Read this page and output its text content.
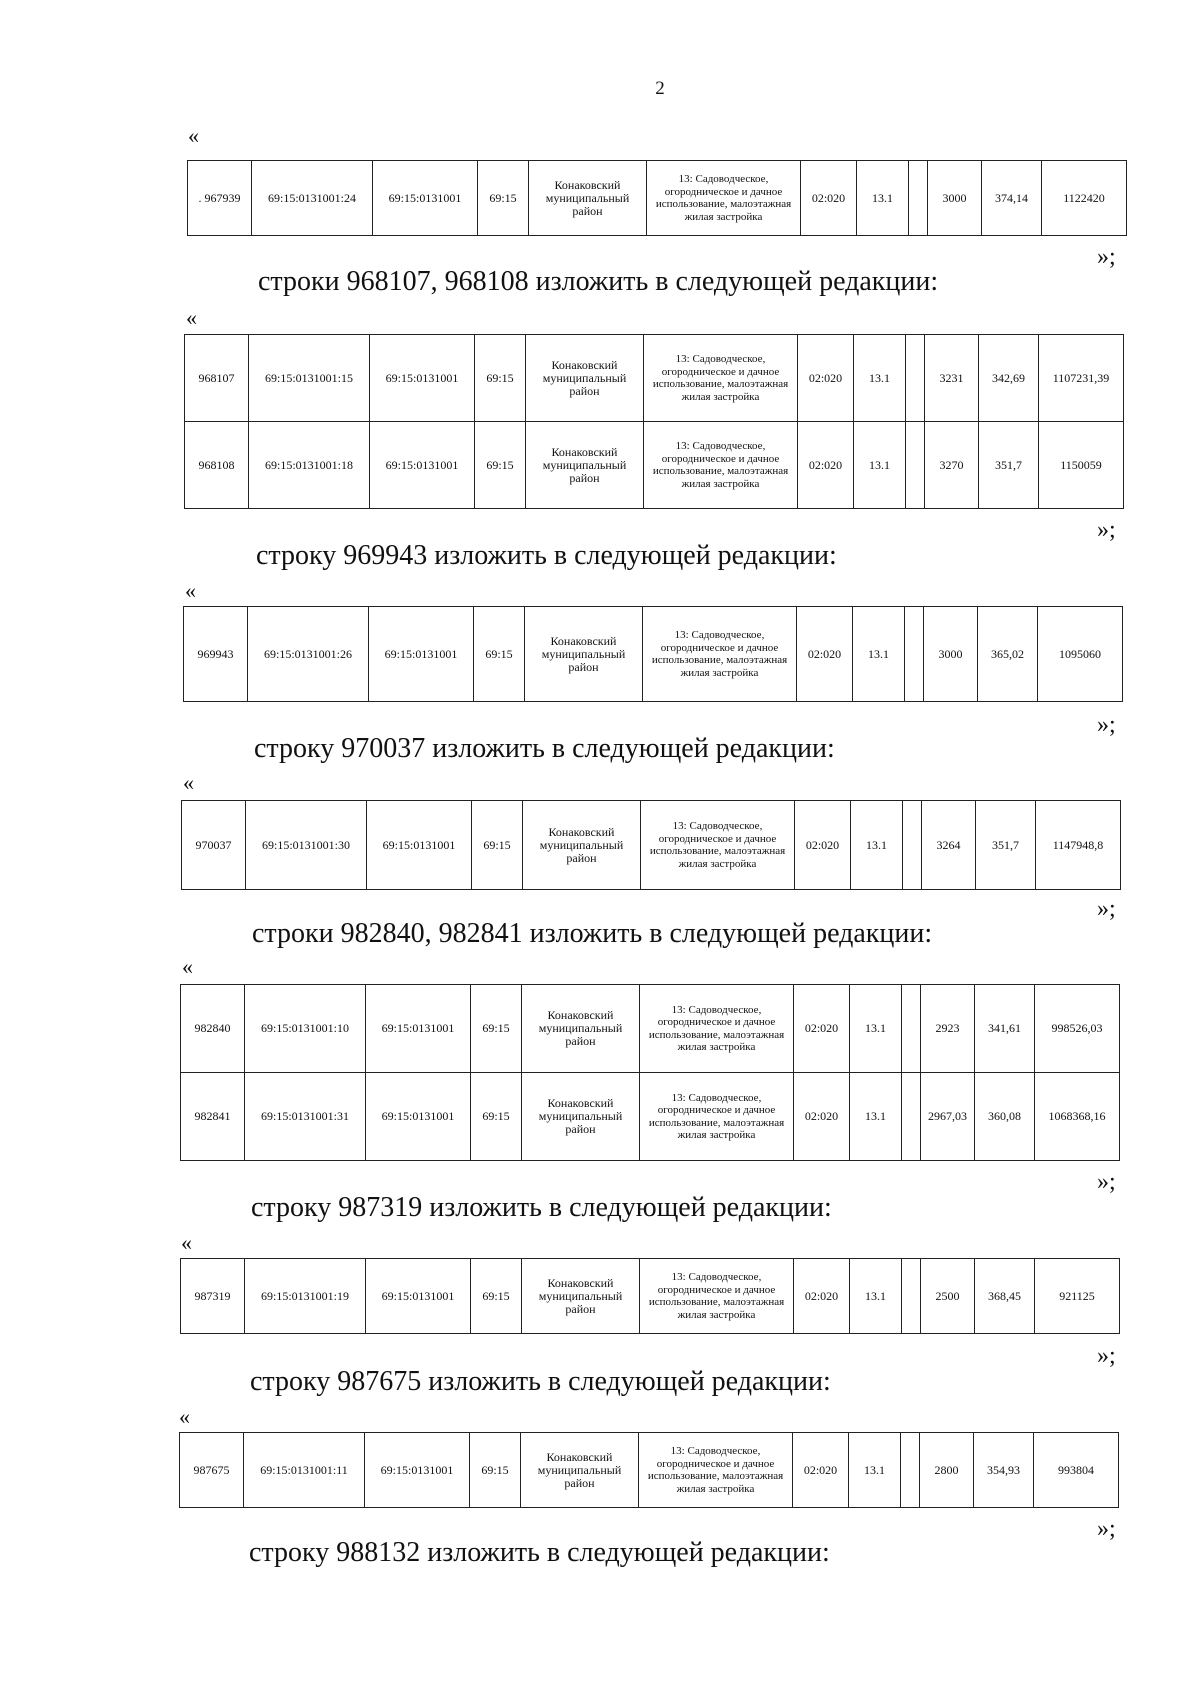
2
«
. 967939	69:15:0131001:24	69:15:0131001	69:15	Конаковский муниципальный район	13: Садоводческое, огородническое и дачное использование, малоэтажная жилая застройка	02:020	13.1		3000	374,14	1122420
»;
строки 968107, 968108 изложить в следующей редакции:
«
968107	69:15:0131001:15	69:15:0131001	69:15	Конаковский муниципальный район	13: Садоводческое, огородническое и дачное использование, малоэтажная жилая застройка	02:020	13.1		3231	342,69	1107231,39
968108	69:15:0131001:18	69:15:0131001	69:15	Конаковский муниципальный район	13: Садоводческое, огородническое и дачное использование, малоэтажная жилая застройка	02:020	13.1		3270	351,7	1150059
»;
строку 969943 изложить в следующей редакции:
«
969943	69:15:0131001:26	69:15:0131001	69:15	Конаковский муниципальный район	13: Садоводческое, огородническое и дачное использование, малоэтажная жилая застройка	02:020	13.1		3000	365,02	1095060
»;
строку 970037 изложить в следующей редакции:
«
970037	69:15:0131001:30	69:15:0131001	69:15	Конаковский муниципальный район	13: Садоводческое, огородническое и дачное использование, малоэтажная жилая застройка	02:020	13.1		3264	351,7	1147948,8
»;
строки 982840, 982841 изложить в следующей редакции:
«
982840	69:15:0131001:10	69:15:0131001	69:15	Конаковский муниципальный район	13: Садоводческое, огородническое и дачное использование, малоэтажная жилая застройка	02:020	13.1		2923	341,61	998526,03
982841	69:15:0131001:31	69:15:0131001	69:15	Конаковский муниципальный район	13: Садоводческое, огородническое и дачное использование, малоэтажная жилая застройка	02:020	13.1		2967,03	360,08	1068368,16
»;
строку 987319 изложить в следующей редакции:
«
987319	69:15:0131001:19	69:15:0131001	69:15	Конаковский муниципальный район	13: Садоводческое, огородническое и дачное использование, малоэтажная жилая застройка	02:020	13.1		2500	368,45	921125
»;
строку 987675 изложить в следующей редакции:
«
987675	69:15:0131001:11	69:15:0131001	69:15	Конаковский муниципальный район	13: Садоводческое, огородническое и дачное использование, малоэтажная жилая застройка	02:020	13.1		2800	354,93	993804
»;
строку 988132 изложить в следующей редакции:
